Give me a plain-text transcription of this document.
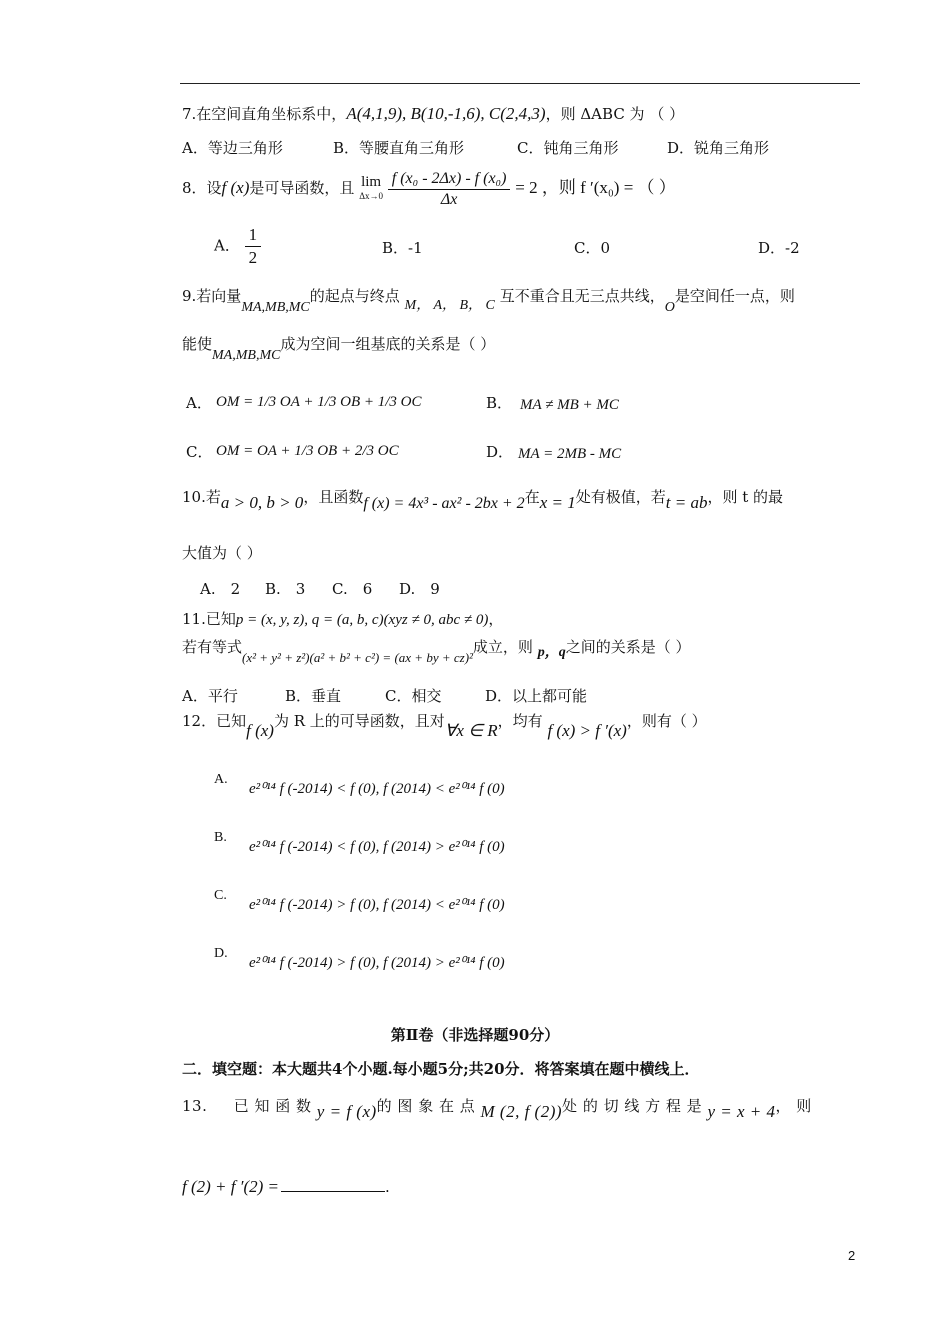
7.在空间直角坐标系中，A(4,1,9), B(10,-1,6), C(2,4,3)，则 ΔABC 为 （ ）
A．等边三角形	B．等腰直角三角形	C．钝角三角形	D．锐角三角形
8．设f (x)是可导函数，且 lim
Δx→0
$\frac{\text{f (x₀ - 2Δx) - f (x₀)}}{\Delta x} = 2$ ，则 f ′(x₀) = （ ）
A． $\frac{1}{2}$	B．-1	C．0	D．-2
9.若向量MA,MB,MC的起点与终点 M， A， B， C 互不重合且无三点共线，O是空间任一点，则
能使MA,MB,MC成为空间一组基底的关系是（ ）
A． OM = 1/3 OA + 1/3 OB + 1/3 OC	B． MA ≠ MB + MC
C． OM = OA + 1/3 OB + 2/3 OC	D． MA = 2MB - MC
10.若a > 0, b > 0，且函数f (x) = 4x³ - ax² - 2bx + 2在x = 1处有极值，若t = ab，则 t 的最
大值为（ ）
A.　2 B.　3 C.　6 D.　9
11.已知p = (x, y, z), q = (a, b, c)(xyz ≠ 0, abc ≠ 0)，
若有等式(x² + y² + z²)(a² + b² + c²) = (ax + by + cz)²成立，则 p，q之间的关系是（ ）
A．平行	B．垂直	C．相交	D．以上都可能
12．已知f (x)为 R 上的可导函数，且对∀x ∈ R，均有 f (x) > f ′(x)，则有（ ）
A.
e²⁰¹⁴ f (-2014) < f (0), f (2014) < e²⁰¹⁴ f (0)
B.
e²⁰¹⁴ f (-2014) < f (0), f (2014) > e²⁰¹⁴ f (0)
C.
e²⁰¹⁴ f (-2014) > f (0), f (2014) < e²⁰¹⁴ f (0)
D.
e²⁰¹⁴ f (-2014) > f (0), f (2014) > e²⁰¹⁴ f (0)
第Ⅱ卷（非选择题90分）
二．填空题：本大题共4个小题.每小题5分;共20分．将答案填在题中横线上．
13. 已 知 函 数 y = f (x)的 图 象 在 点 M (2, f (2))处 的 切 线 方 程 是 y = x + 4， 则
f (2) + f ′(2) =	.
2
